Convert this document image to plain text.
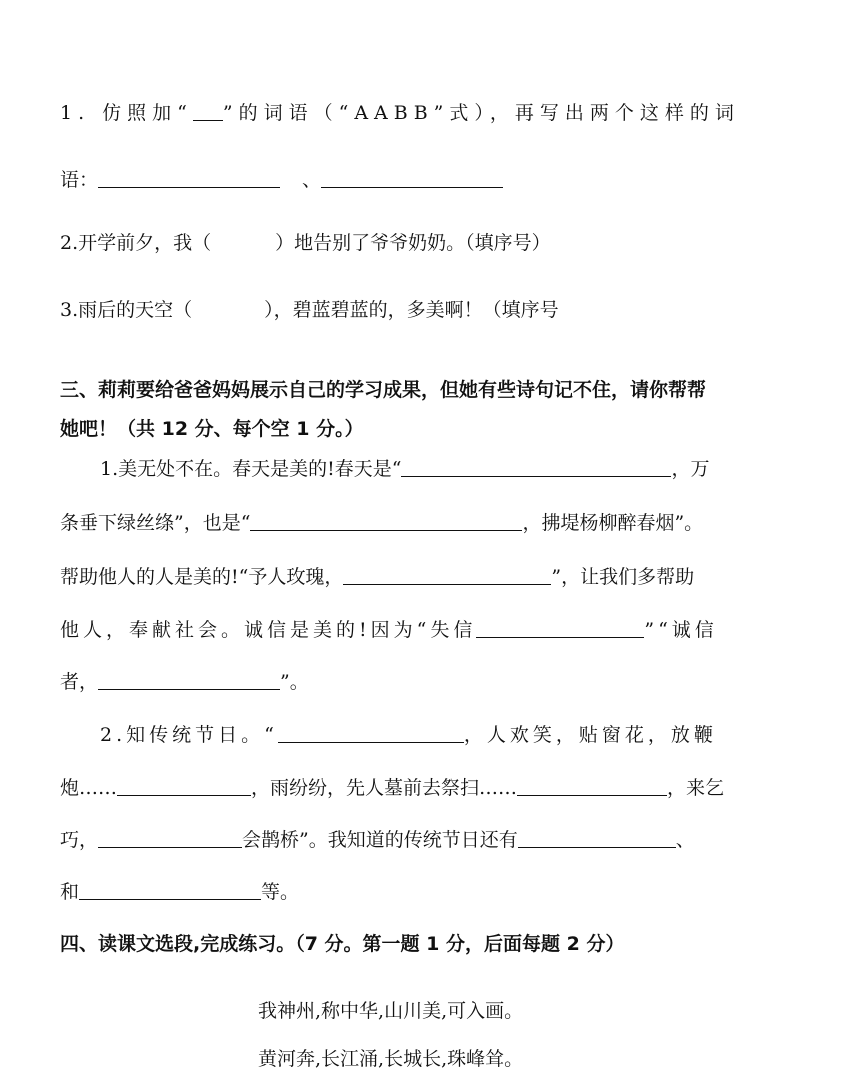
1. 仿照加“ ”的词语（“AABB”式），再写出两个这样的词
语：	、
2.开学前夕，我（	）地告别了爷爷奶奶。（填序号）
3.雨后的天空（	），碧蓝碧蓝的，多美啊！（填序号
三、莉莉要给爸爸妈妈展示自己的学习成果，但她有些诗句记不住，请你帮帮
她吧！（共 12 分、每个空 1 分。）
1.美无处不在。春天是美的!春天是“	，万
条垂下绿丝绦”，也是“	，拂堤杨柳醉春烟”。
帮助他人的人是美的!“予人玫瑰，	”，让我们多帮助
他人，奉献社会。诚信是美的!因为“失信	”“诚信
者，	”。
2.知传统节日。“	，人欢笑，贴窗花，放鞭
炮……	，雨纷纷，先人墓前去祭扫……	，来乞
巧，	会鹊桥”。我知道的传统节日还有	、
和	等。
四、读课文选段,完成练习。（7 分。第一题 1 分，后面每题 2 分）
我神州,称中华,山川美,可入画。
黄河奔,长江涌,长城长,珠峰耸。
